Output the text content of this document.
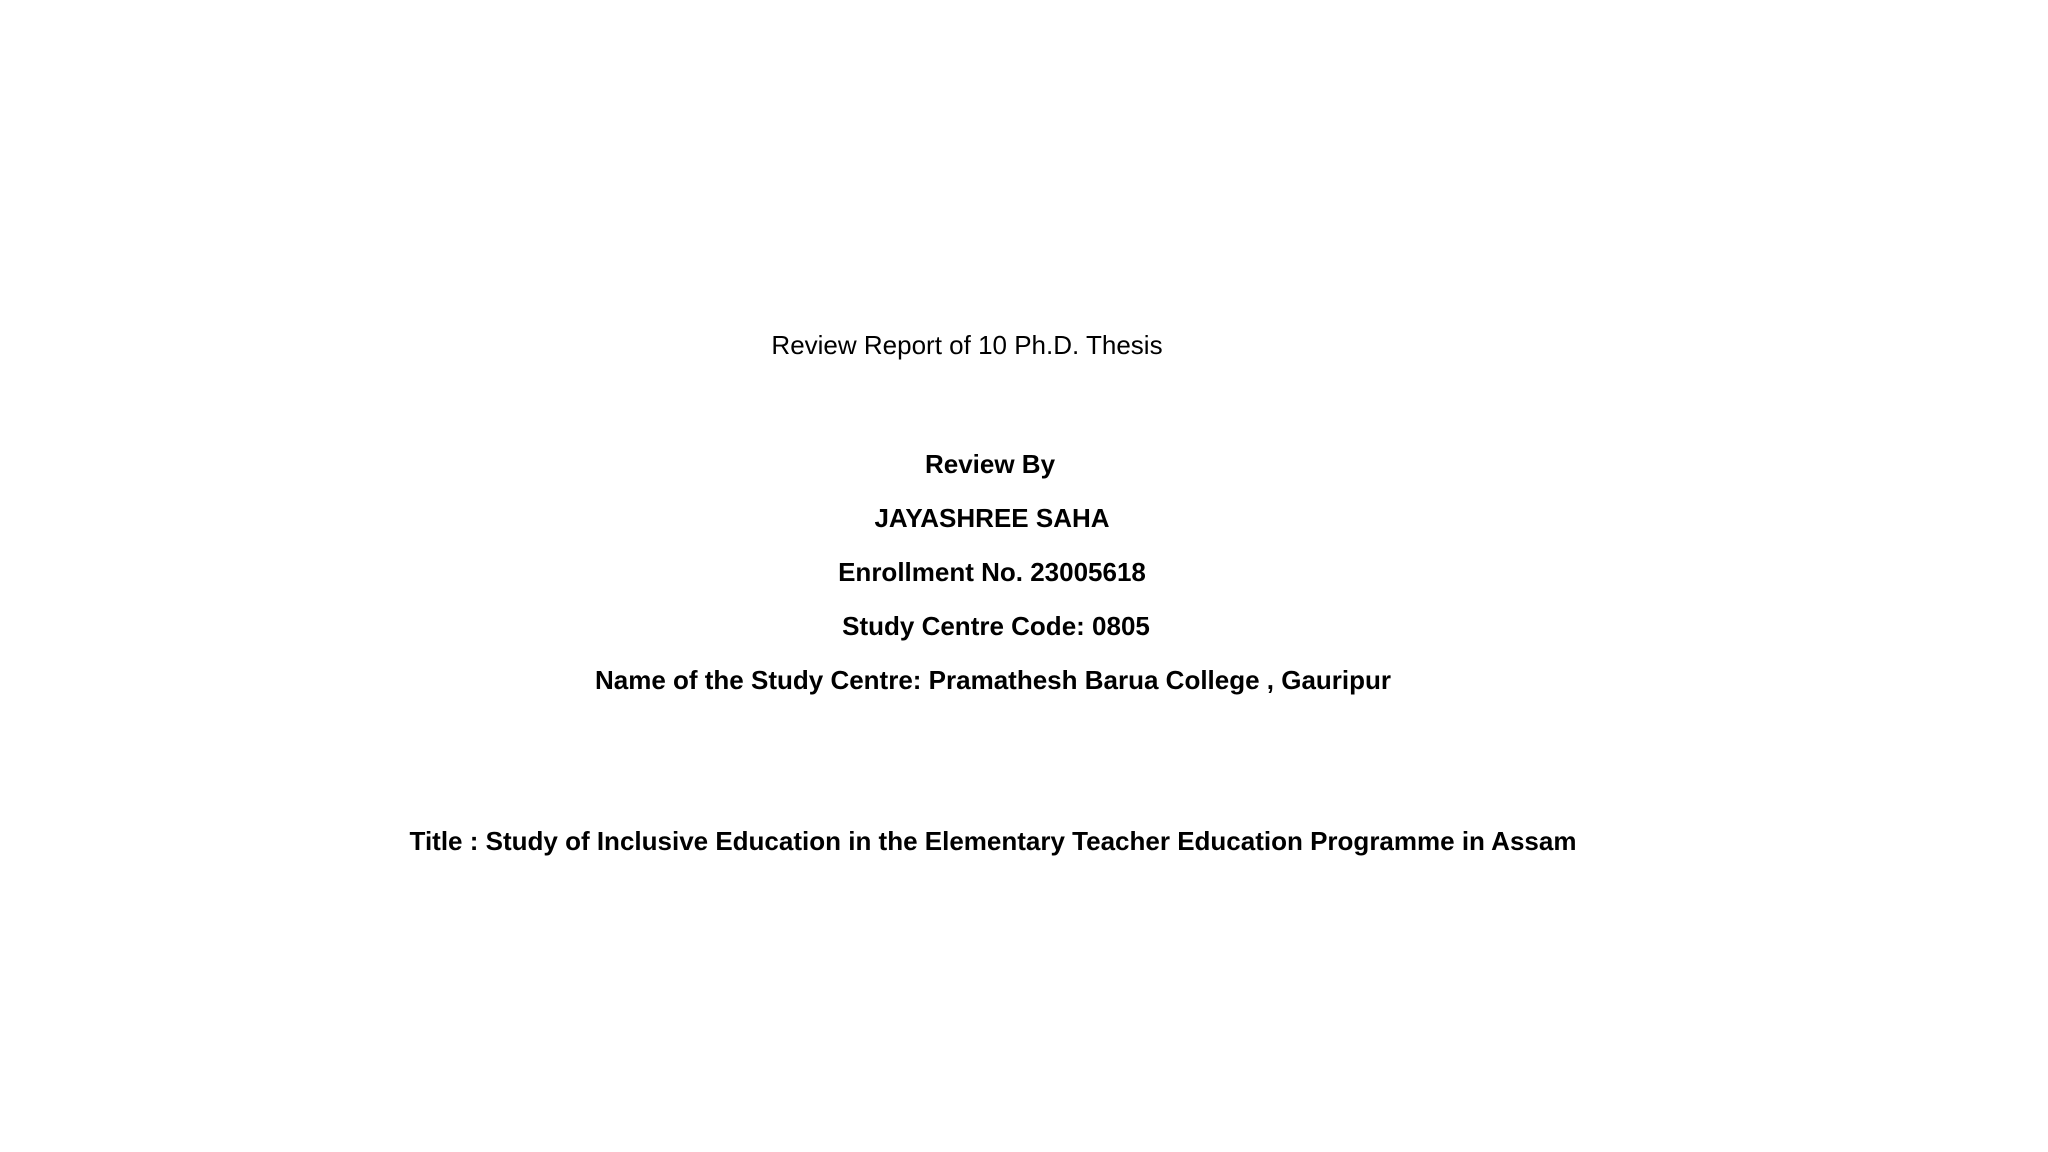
Review Report of 10 Ph.D. Thesis
Review By
JAYASHREE SAHA
Enrollment No. 23005618
Study Centre Code: 0805
Name of the Study Centre: Pramathesh Barua College , Gauripur
Title : Study of Inclusive Education in the Elementary Teacher Education Programme in Assam
